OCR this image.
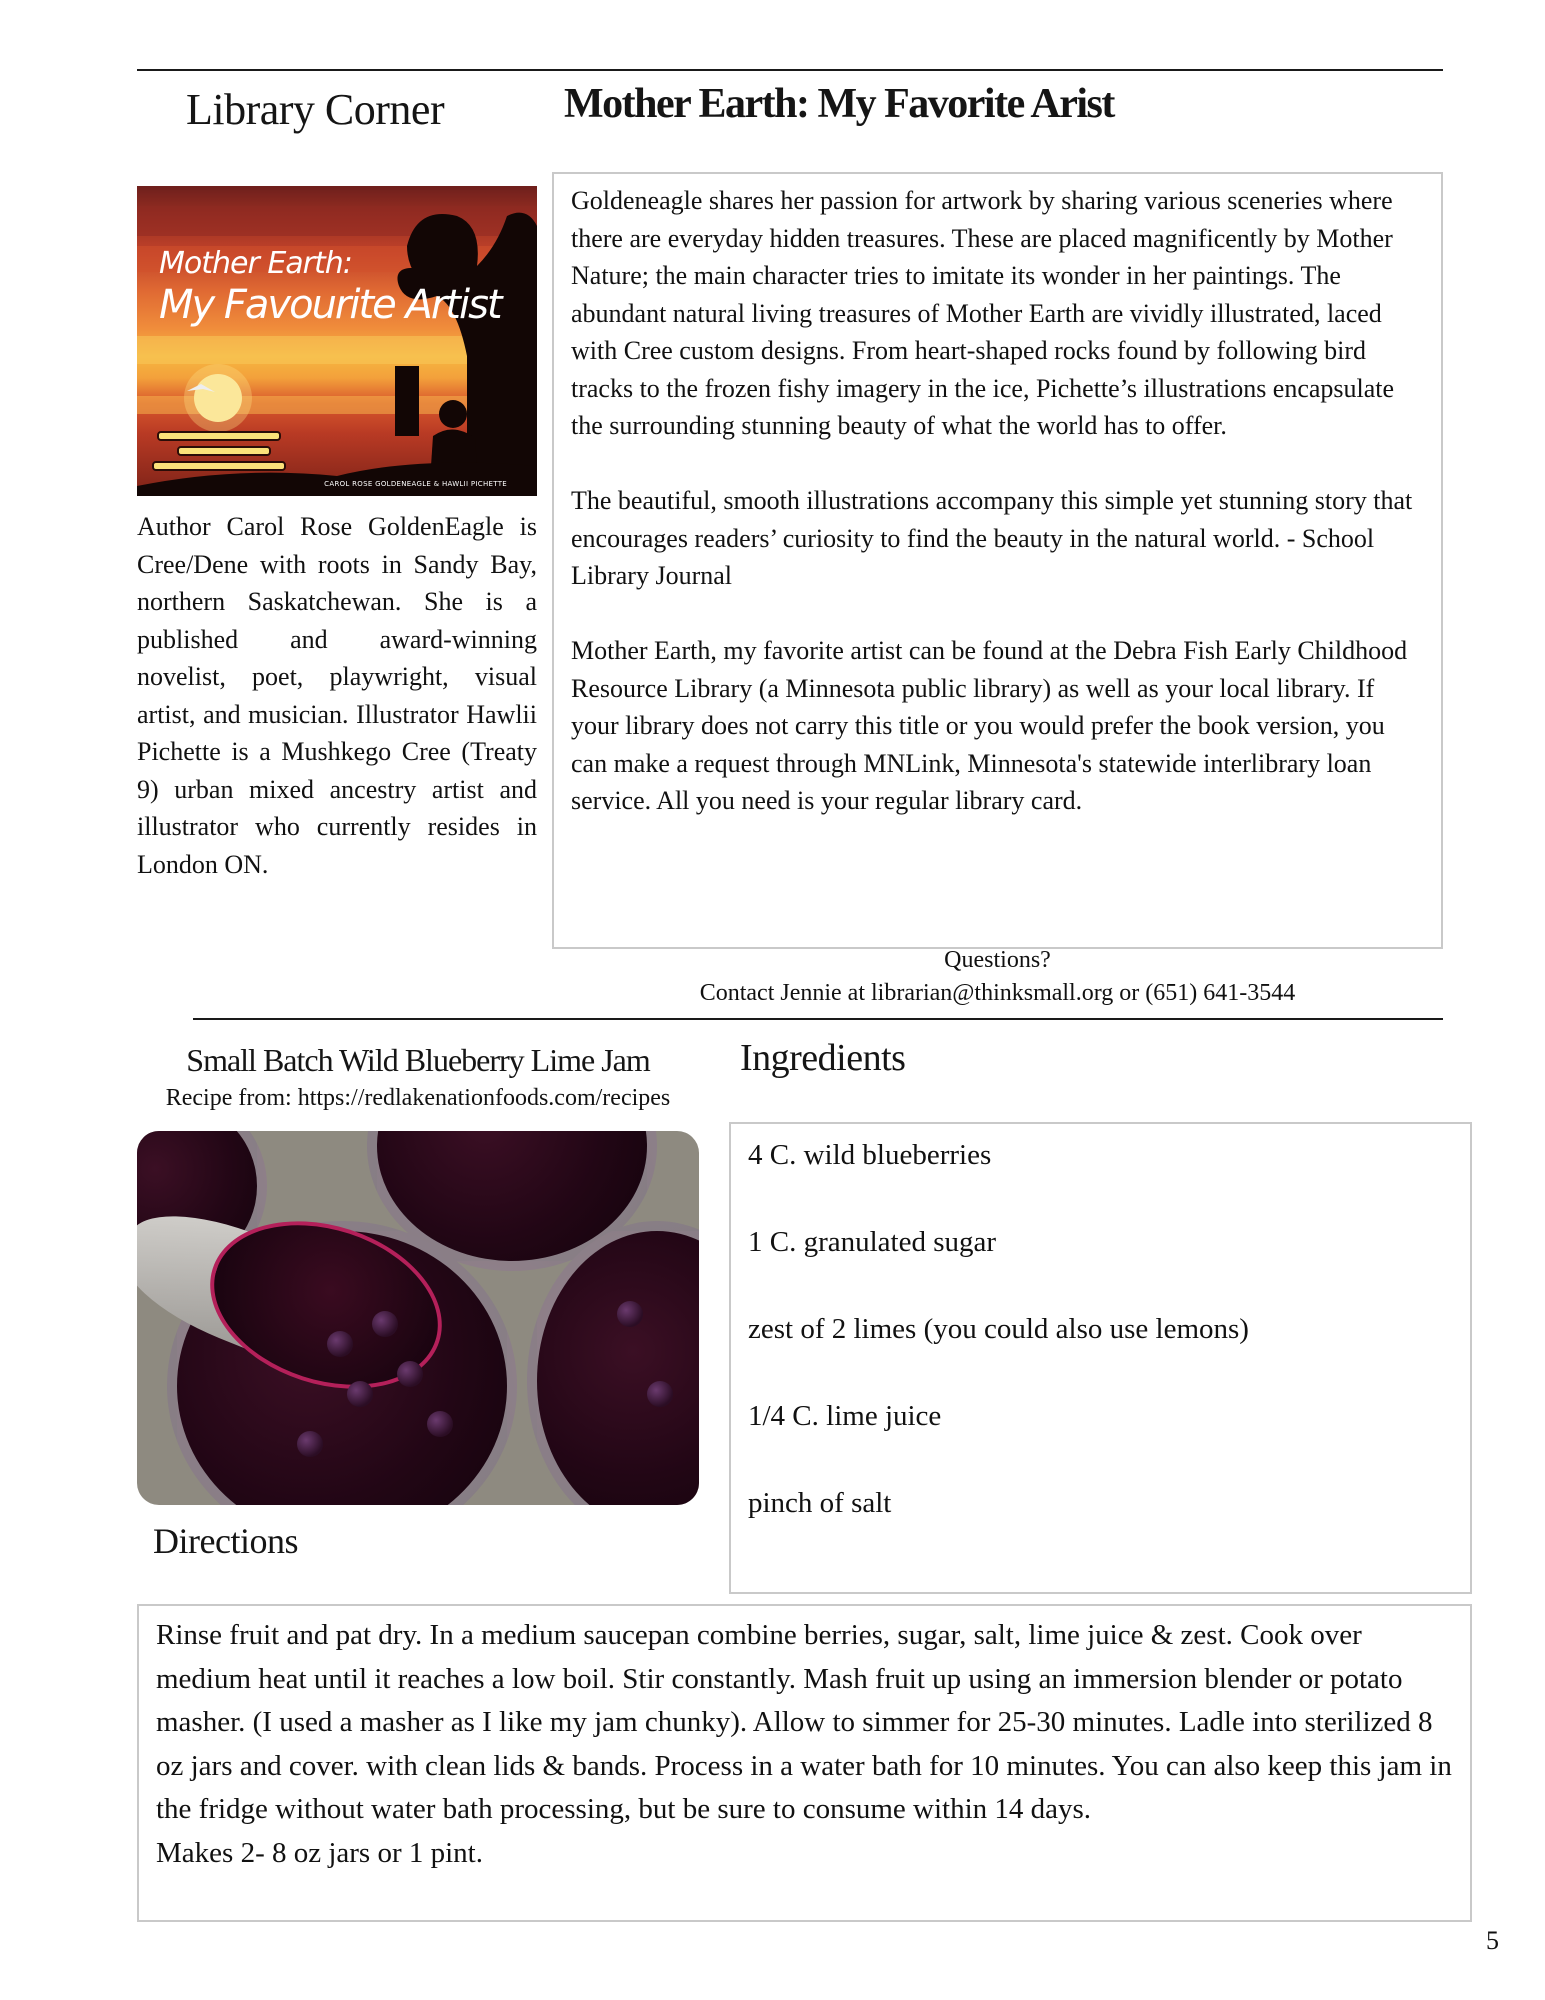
Library Corner	Mother Earth: My Favorite Arist
Mother Earth:
My Favourite Artist
CAROL ROSE GOLDENEAGLE & HAWLII PICHETTE
Author Carol Rose GoldenEagle is Cree/Dene with roots in Sandy Bay, northern Saskatchewan. She is a published and award-winning novelist, poet, playwright, visual artist, and musician. Illustrator Hawlii Pichette is a Mushkego Cree (Treaty 9) urban mixed ancestry artist and illustrator who currently resides in London ON.

Goldeneagle shares her passion for artwork by sharing various sceneries where there are everyday hidden treasures. These are placed magnificently by Mother Nature; the main character tries to imitate its wonder in her paintings. The abundant natural living treasures of Mother Earth are vividly illustrated, laced with Cree custom designs. From heart-shaped rocks found by following bird tracks to the frozen fishy imagery in the ice, Pichette’s illustrations encapsulate the surrounding stunning beauty of what the world has to offer.

The beautiful, smooth illustrations accompany this simple yet stunning story that encourages readers’ curiosity to find the beauty in the natural world. - School Library Journal

Mother Earth, my favorite artist can be found at the Debra Fish Early Childhood Resource Library (a Minnesota public library) as well as your local library. If your library does not carry this title or you would prefer the book version, you can make a request through MNLink, Minnesota's statewide interlibrary loan service. All you need is your regular library card.

Questions?
Contact Jennie at librarian@thinksmall.org or (651) 641-3544
Small Batch Wild Blueberry Lime Jam
Recipe from: https://redlakenationfoods.com/recipes
Ingredients
4 C. wild blueberries
1 C. granulated sugar
zest of 2 limes (you could also use lemons)
1/4 C. lime juice
pinch of salt
Directions

Rinse fruit and pat dry. In a medium saucepan combine berries, sugar, salt, lime juice & zest. Cook over medium heat until it reaches a low boil. Stir constantly. Mash fruit up using an immersion blender or potato masher. (I used a masher as I like my jam chunky). Allow to simmer for 25-30 minutes. Ladle into sterilized 8 oz jars and cover. with clean lids & bands. Process in a water bath for 10 minutes. You can also keep this jam in the fridge without water bath processing, but be sure to consume within 14 days.

Makes 2- 8 oz jars or 1 pint.

5
